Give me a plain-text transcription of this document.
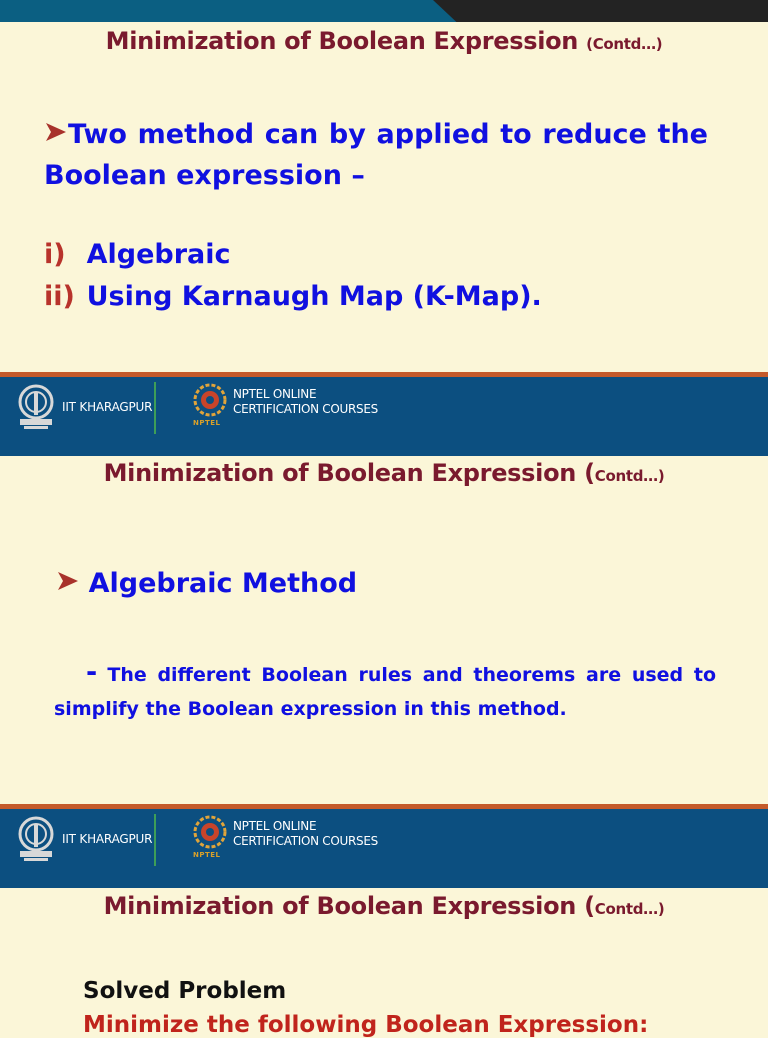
Minimization of Boolean Expression (Contd…)
Two method can by applied to reduce the
Boolean expression –
i) Algebraic
ii) Using Karnaugh Map (K-Map).
IIT KHARAGPUR
NPTEL
NPTEL ONLINE
CERTIFICATION COURSES
Minimization of Boolean Expression (Contd…)
Algebraic Method
- The different Boolean rules and theorems are used to
simplify the Boolean expression in this method.
IIT KHARAGPUR
NPTEL
NPTEL ONLINE
CERTIFICATION COURSES
Minimization of Boolean Expression (Contd…)
Solved Problem
Minimize the following Boolean Expression:
